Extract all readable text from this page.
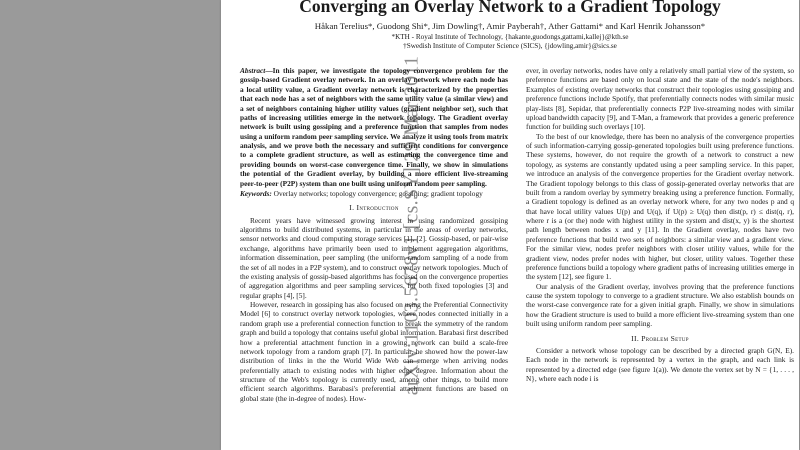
arXiv:1103.5678v1 [cs.SY] 29 Mar 2011
Converging an Overlay Network to a Gradient Topology
Håkan Terelius*, Guodong Shi*, Jim Dowling†, Amir Payberah†, Ather Gattami* and Karl Henrik Johansson*
*KTH - Royal Institute of Technology, {hakante,guodongs,gattami,kallej}@kth.se
†Swedish Institute of Computer Science (SICS), {jdowling,amir}@sics.se

Abstract—In this paper, we investigate the topology convergence problem for the gossip-based Gradient overlay network. In an overlay network where each node has a local utility value, a Gradient overlay network is characterized by the properties that each node has a set of neighbors with the same utility value (a similar view) and a set of neighbors containing higher utility values (gradient neighbor set), such that paths of increasing utilities emerge in the network topology. The Gradient overlay network is built using gossiping and a preference function that samples from nodes using a uniform random peer sampling service. We analyze it using tools from matrix analysis, and we prove both the necessary and sufficient conditions for convergence to a complete gradient structure, as well as estimating the convergence time and providing bounds on worst-case convergence time. Finally, we show in simulations the potential of the Gradient overlay, by building a more efficient live-streaming peer-to-peer (P2P) system than one built using uniform random peer sampling.

Keywords: Overlay networks; topology convergence; gossiping; gradient topology

I. Introduction

Recent years have witnessed growing interest in using randomized gossiping algorithms to build distributed systems, in particular in the areas of overlay networks, sensor networks and cloud computing storage services [1], [2]. Gossip-based, or pair-wise exchange, algorithms have primarily been used to implement aggregation algorithms, information dissemination, peer sampling (the uniform random sampling of a node from the set of all nodes in a P2P system), and to construct overlay network topologies. Much of the existing analysis of gossip-based algorithms has focused on the convergence properties of aggregation algorithms and peer sampling services, for both fixed topologies [3] and regular graphs [4], [5].

However, research in gossiping has also focused on using the Preferential Connectivity Model [6] to construct overlay network topologies, where nodes connected initially in a random graph use a preferential connection function to break the symmetry of the random graph and build a topology that contains useful global information. Barabasi first described how a preferential attachment function in a growing network can build a scale-free network topology from a random graph [7]. In particular, he showed how the power-law distribution of links in the the World Wide Web can emerge when arriving nodes preferentially attach to existing nodes with higher edge degree. Information about the structure of the Web's topology is currently used, among other things, to build more efficient search algorithms. Barabasi's preferential attachment functions are based on global state (the in-degree of nodes). How-

ever, in overlay networks, nodes have only a relatively small partial view of the system, so preference functions are based only on local state and the state of the node's neighbors. Examples of existing overlay networks that construct their topologies using gossiping and preference functions include Spotify, that preferentially connects nodes with similar music play-lists [8], Sepidar, that preferentially connects P2P live-streaming nodes with similar upload bandwidth capacity [9], and T-Man, a framework that provides a generic preference function for building such overlays [10].

To the best of our knowledge, there has been no analysis of the convergence properties of such information-carrying gossip-generated topologies built using preference functions. These systems, however, do not require the growth of a network to construct a new topology, as systems are constantly updated using a peer sampling service. In this paper, we introduce an analysis of the convergence properties for the Gradient overlay network. The Gradient topology belongs to this class of gossip-generated overlay networks that are built from a random overlay by symmetry breaking using a preference function. Formally, a Gradient topology is defined as an overlay network where, for any two nodes p and q that have local utility values U(p) and U(q), if U(p) ≥ U(q) then dist(p, r) ≤ dist(q, r), where r is a (or the) node with highest utility in the system and dist(x, y) is the shortest path length between nodes x and y [11]. In the Gradient overlay, nodes have two preference functions that build two sets of neighbors: a similar view and a gradient view. For the similar view, nodes prefer neighbors with closer utility values, while for the gradient view, nodes prefer nodes with higher, but closer, utility values. Together these preference functions build a topology where gradient paths of increasing utilities emerge in the system [12], see figure 1.

Our analysis of the Gradient overlay, involves proving that the preference functions cause the system topology to converge to a gradient structure. We also establish bounds on the worst-case convergence rate for a given initial graph. Finally, we show in simulations how the Gradient structure is used to build a more efficient live-streaming system than one built using uniform random peer sampling.

II. Problem Setup

Consider a network whose topology can be described by a directed graph G(N, E). Each node in the network is represented by a vertex in the graph, and each link is represented by a directed edge (see figure 1(a)). We denote the vertex set by N = {1, . . . , N}, where each node i is
